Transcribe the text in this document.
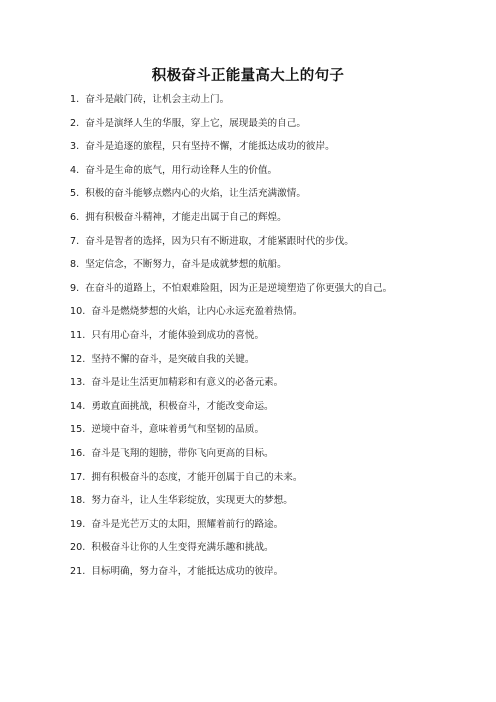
积极奋斗正能量高大上的句子
1. 奋斗是敲门砖，让机会主动上门。
2. 奋斗是演绎人生的华服，穿上它，展现最美的自己。
3. 奋斗是追逐的旅程，只有坚持不懈，才能抵达成功的彼岸。
4. 奋斗是生命的底气，用行动诠释人生的价值。
5. 积极的奋斗能够点燃内心的火焰，让生活充满激情。
6. 拥有积极奋斗精神，才能走出属于自己的辉煌。
7. 奋斗是智者的选择，因为只有不断进取，才能紧跟时代的步伐。
8. 坚定信念，不断努力，奋斗是成就梦想的航船。
9. 在奋斗的道路上，不怕艰难险阻，因为正是逆境塑造了你更强大的自己。
10. 奋斗是燃烧梦想的火焰，让内心永远充盈着热情。
11. 只有用心奋斗，才能体验到成功的喜悦。
12. 坚持不懈的奋斗，是突破自我的关键。
13. 奋斗是让生活更加精彩和有意义的必备元素。
14. 勇敢直面挑战，积极奋斗，才能改变命运。
15. 逆境中奋斗，意味着勇气和坚韧的品质。
16. 奋斗是飞翔的翅膀，带你飞向更高的目标。
17. 拥有积极奋斗的态度，才能开创属于自己的未来。
18. 努力奋斗，让人生华彩绽放，实现更大的梦想。
19. 奋斗是光芒万丈的太阳，照耀着前行的路途。
20. 积极奋斗让你的人生变得充满乐趣和挑战。
21. 目标明确，努力奋斗，才能抵达成功的彼岸。
